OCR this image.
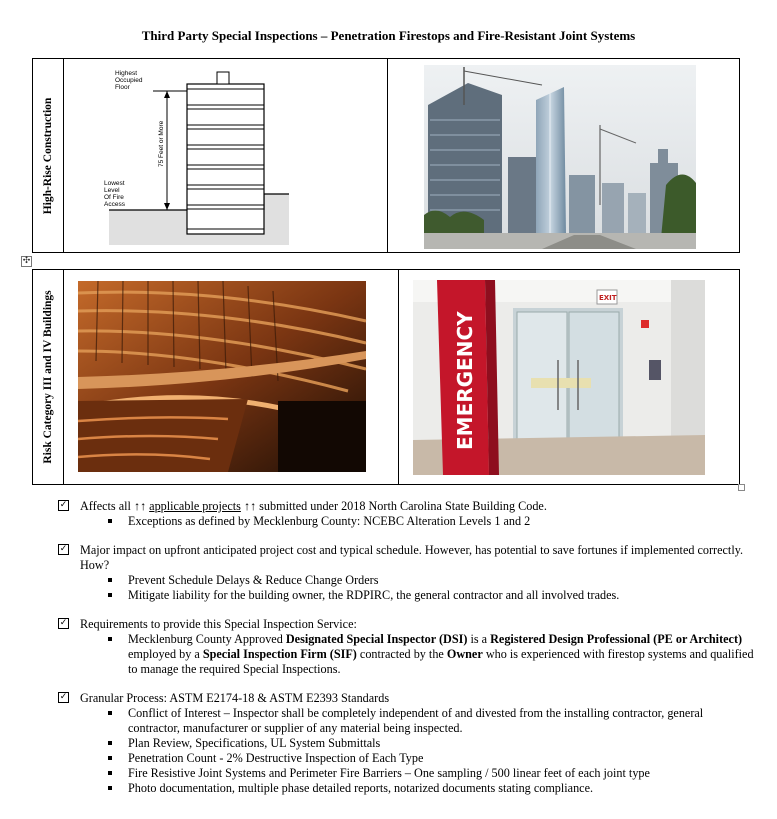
Third Party Special Inspections – Penetration Firestops and Fire-Resistant Joint Systems
High-Rise Construction
Highest Occupied Floor
75 Feet or More
Lowest Level Of Fire Access
✣
Risk Category III and IV Buildings	EXIT
EMERGENCY
✓ Affects all ↑↑ applicable projects ↑↑ submitted under 2018 North Carolina State Building Code.
Exceptions as defined by Mecklenburg County: NCEBC Alteration Levels 1 and 2
✓ Major impact on upfront anticipated project cost and typical schedule. However, has potential to save fortunes if implemented correctly. How?
Prevent Schedule Delays & Reduce Change Orders
Mitigate liability for the building owner, the RDPIRC, the general contractor and all involved trades.
✓ Requirements to provide this Special Inspection Service:
Mecklenburg County Approved Designated Special Inspector (DSI) is a Registered Design Professional (PE or Architect) employed by a Special Inspection Firm (SIF) contracted by the Owner who is experienced with firestop systems and qualified to manage the required Special Inspections.
✓ Granular Process: ASTM E2174-18 & ASTM E2393 Standards
Conflict of Interest – Inspector shall be completely independent of and divested from the installing contractor, general contractor, manufacturer or supplier of any material being inspected.
Plan Review, Specifications, UL System Submittals
Penetration Count - 2% Destructive Inspection of Each Type
Fire Resistive Joint Systems and Perimeter Fire Barriers – One sampling / 500 linear feet of each joint type
Photo documentation, multiple phase detailed reports, notarized documents stating compliance.
